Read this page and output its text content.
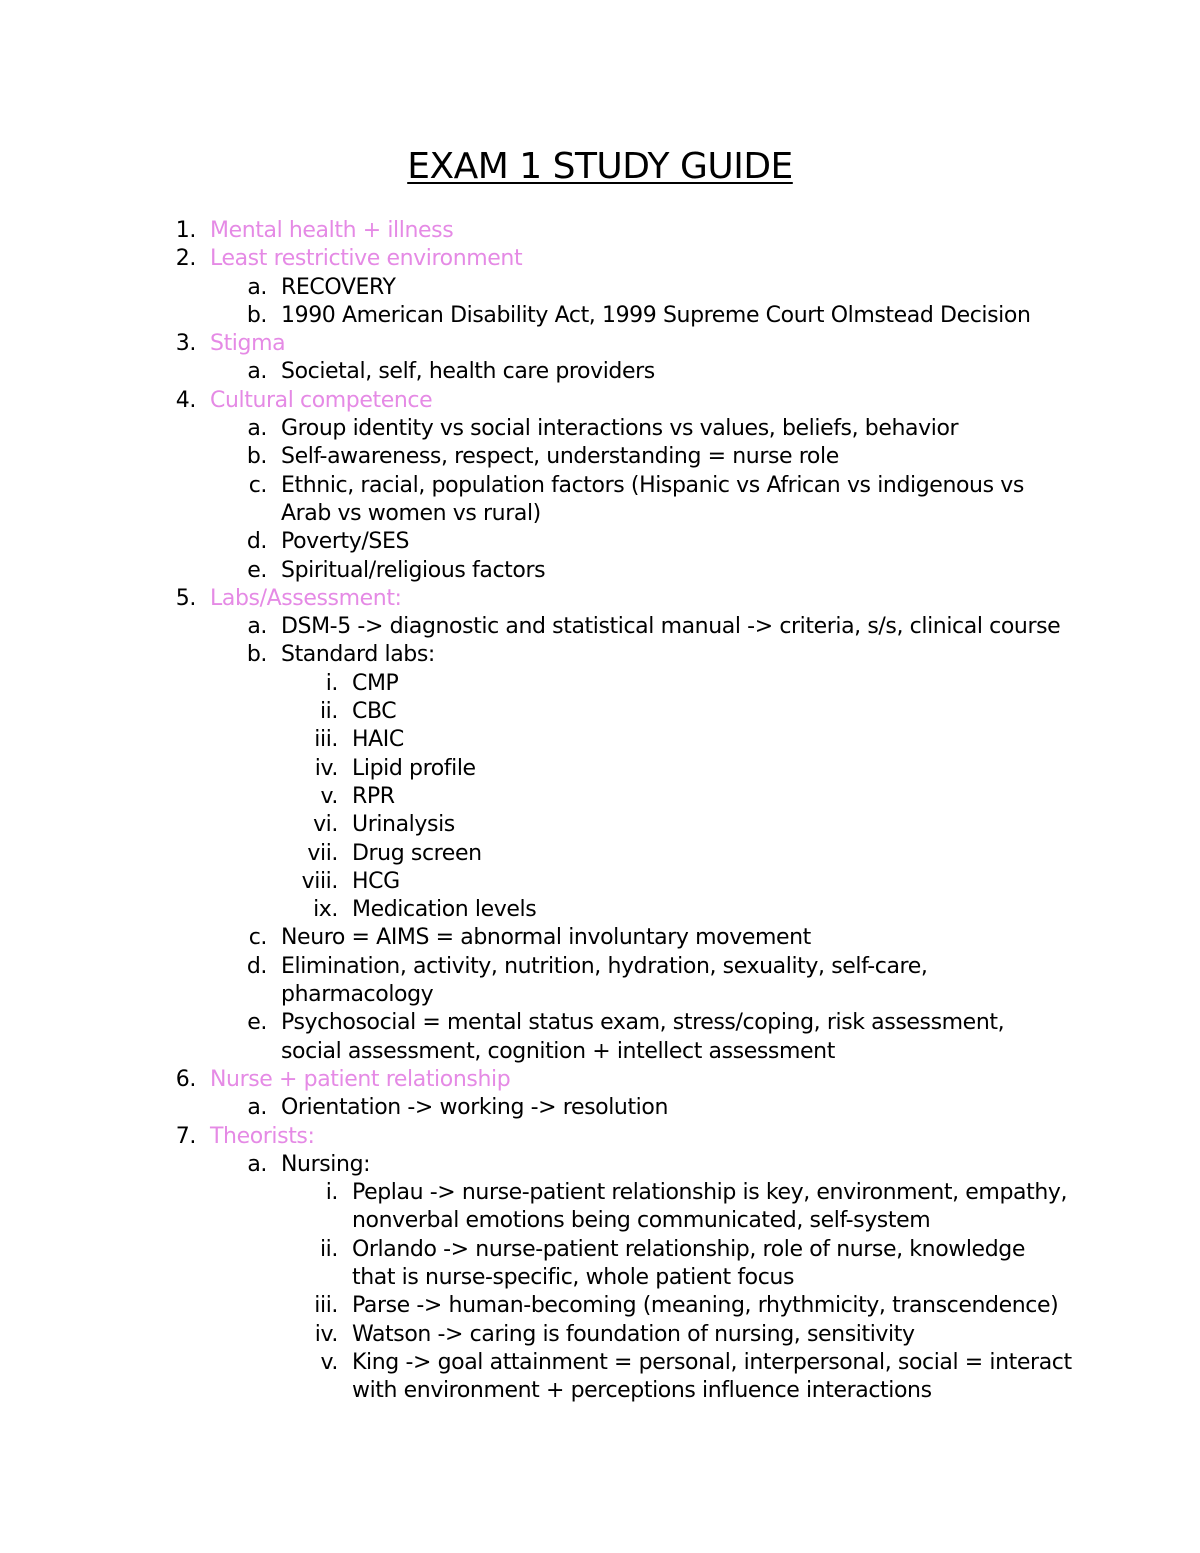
EXAM 1 STUDY GUIDE
1. Mental health + illness
2. Least restrictive environment
a. RECOVERY
b. 1990 American Disability Act, 1999 Supreme Court Olmstead Decision
3. Stigma
a. Societal, self, health care providers
4. Cultural competence
a. Group identity vs social interactions vs values, beliefs, behavior
b. Self-awareness, respect, understanding = nurse role
c. Ethnic, racial, population factors (Hispanic vs African vs indigenous vs Arab vs women vs rural)
d. Poverty/SES
e. Spiritual/religious factors
5. Labs/Assessment:
a. DSM-5 -> diagnostic and statistical manual -> criteria, s/s, clinical course
b. Standard labs:
i. CMP
ii. CBC
iii. HAIC
iv. Lipid profile
v. RPR
vi. Urinalysis
vii. Drug screen
viii. HCG
ix. Medication levels
c. Neuro = AIMS = abnormal involuntary movement
d. Elimination, activity, nutrition, hydration, sexuality, self-care, pharmacology
e. Psychosocial = mental status exam, stress/coping, risk assessment, social assessment, cognition + intellect assessment
6. Nurse + patient relationship
a. Orientation -> working -> resolution
7. Theorists:
a. Nursing:
i. Peplau -> nurse-patient relationship is key, environment, empathy, nonverbal emotions being communicated, self-system
ii. Orlando -> nurse-patient relationship, role of nurse, knowledge that is nurse-specific, whole patient focus
iii. Parse -> human-becoming (meaning, rhythmicity, transcendence)
iv. Watson -> caring is foundation of nursing, sensitivity
v. King -> goal attainment = personal, interpersonal, social = interact with environment + perceptions influence interactions
